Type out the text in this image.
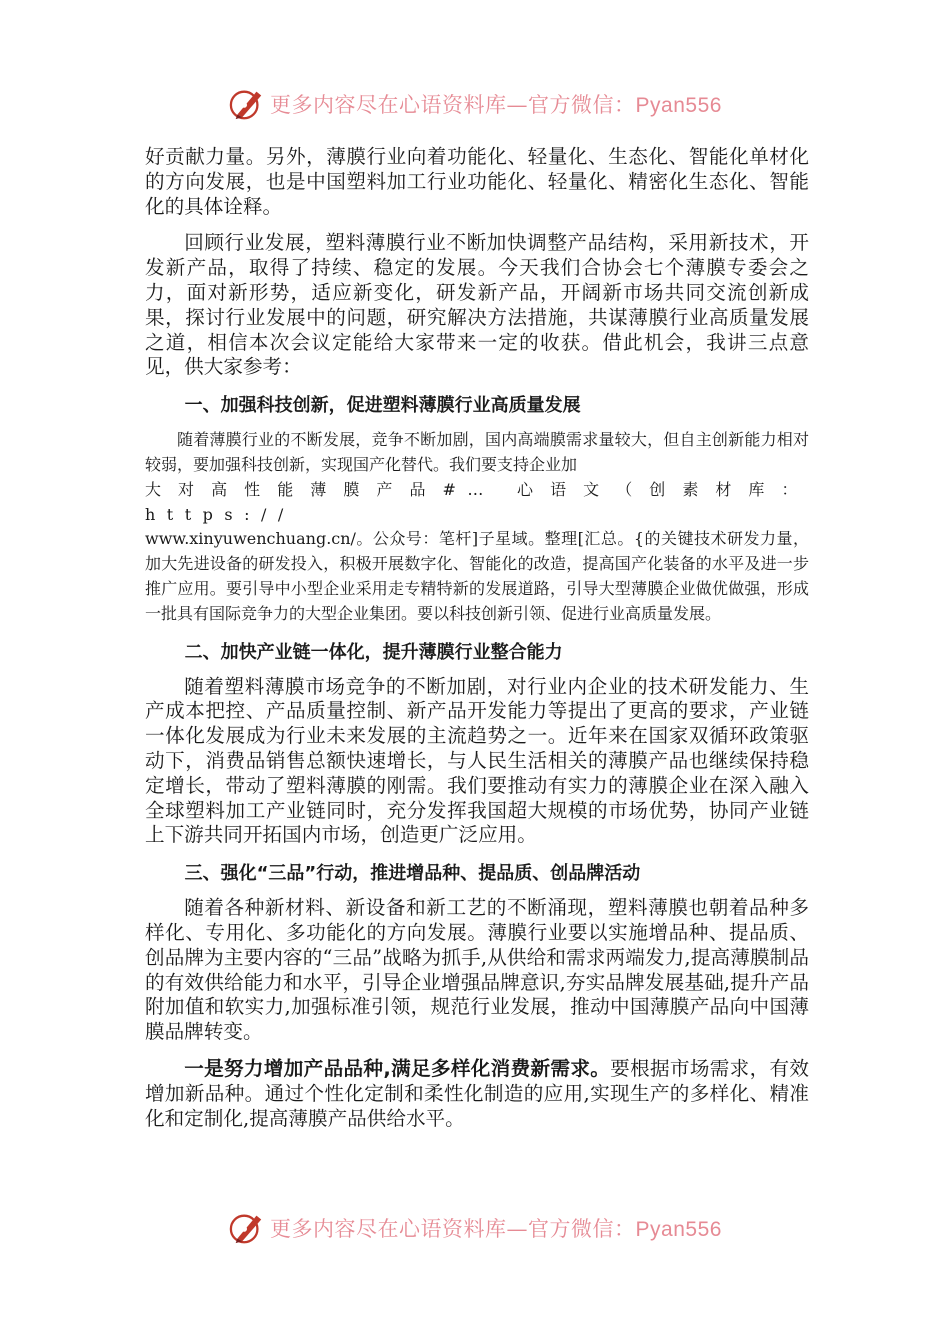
更多内容尽在心语资料库—官方微信：Pyan556

好贡献力量。另外，薄膜行业向着功能化、轻量化、生态化、智能化单材化的方向发展，也是中国塑料加工行业功能化、轻量化、精密化生态化、智能化的具体诠释。

回顾行业发展，塑料薄膜行业不断加快调整产品结构，采用新技术，开发新产品，取得了持续、稳定的发展。今天我们合协会七个薄膜专委会之力，面对新形势，适应新变化，研发新产品，开阔新市场共同交流创新成果，探讨行业发展中的问题，研究解决方法措施，共谋薄膜行业高质量发展之道，相信本次会议定能给大家带来一定的收获。借此机会，我讲三点意见，供大家参考：

一、加强科技创新，促进塑料薄膜行业高质量发展
随着薄膜行业的不断发展，竞争不断加剧，国内高端膜需求量较大，但自主创新能力相对较弱，要加强科技创新，实现国产化替代。我们要支持企业加
大对高性能薄膜产品#… 心语文（创素材库：https://
www.xinyuwenchuang.cn/。公众号：笔杆]子星域。整理[汇总。{的关键技术研发力量，加大先进设备的研发投入，积极开展数字化、智能化的改造，提高国产化装备的水平及进一步推广应用。要引导中小型企业采用走专精特新的发展道路，引导大型薄膜企业做优做强，形成一批具有国际竞争力的大型企业集团。要以科技创新引领、促进行业高质量发展。
二、加快产业链一体化，提升薄膜行业整合能力

随着塑料薄膜市场竞争的不断加剧，对行业内企业的技术研发能力、生产成本把控、产品质量控制、新产品开发能力等提出了更高的要求，产业链一体化发展成为行业未来发展的主流趋势之一。近年来在国家双循环政策驱动下，消费品销售总额快速增长，与人民生活相关的薄膜产品也继续保持稳定增长，带动了塑料薄膜的刚需。我们要推动有实力的薄膜企业在深入融入全球塑料加工产业链同时，充分发挥我国超大规模的市场优势，协同产业链上下游共同开拓国内市场，创造更广泛应用。

三、强化“三品”行动，推进增品种、提品质、创品牌活动

随着各种新材料、新设备和新工艺的不断涌现，塑料薄膜也朝着品种多样化、专用化、多功能化的方向发展。薄膜行业要以实施增品种、提品质、创品牌为主要内容的“三品”战略为抓手,从供给和需求两端发力,提高薄膜制品的有效供给能力和水平，引导企业增强品牌意识,夯实品牌发展基础,提升产品附加值和软实力,加强标准引领，规范行业发展，推动中国薄膜产品向中国薄膜品牌转变。

一是努力增加产品品种,满足多样化消费新需求。要根据市场需求，有效增加新品种。通过个性化定制和柔性化制造的应用,实现生产的多样化、精准化和定制化,提高薄膜产品供给水平。

更多内容尽在心语资料库—官方微信：Pyan556
